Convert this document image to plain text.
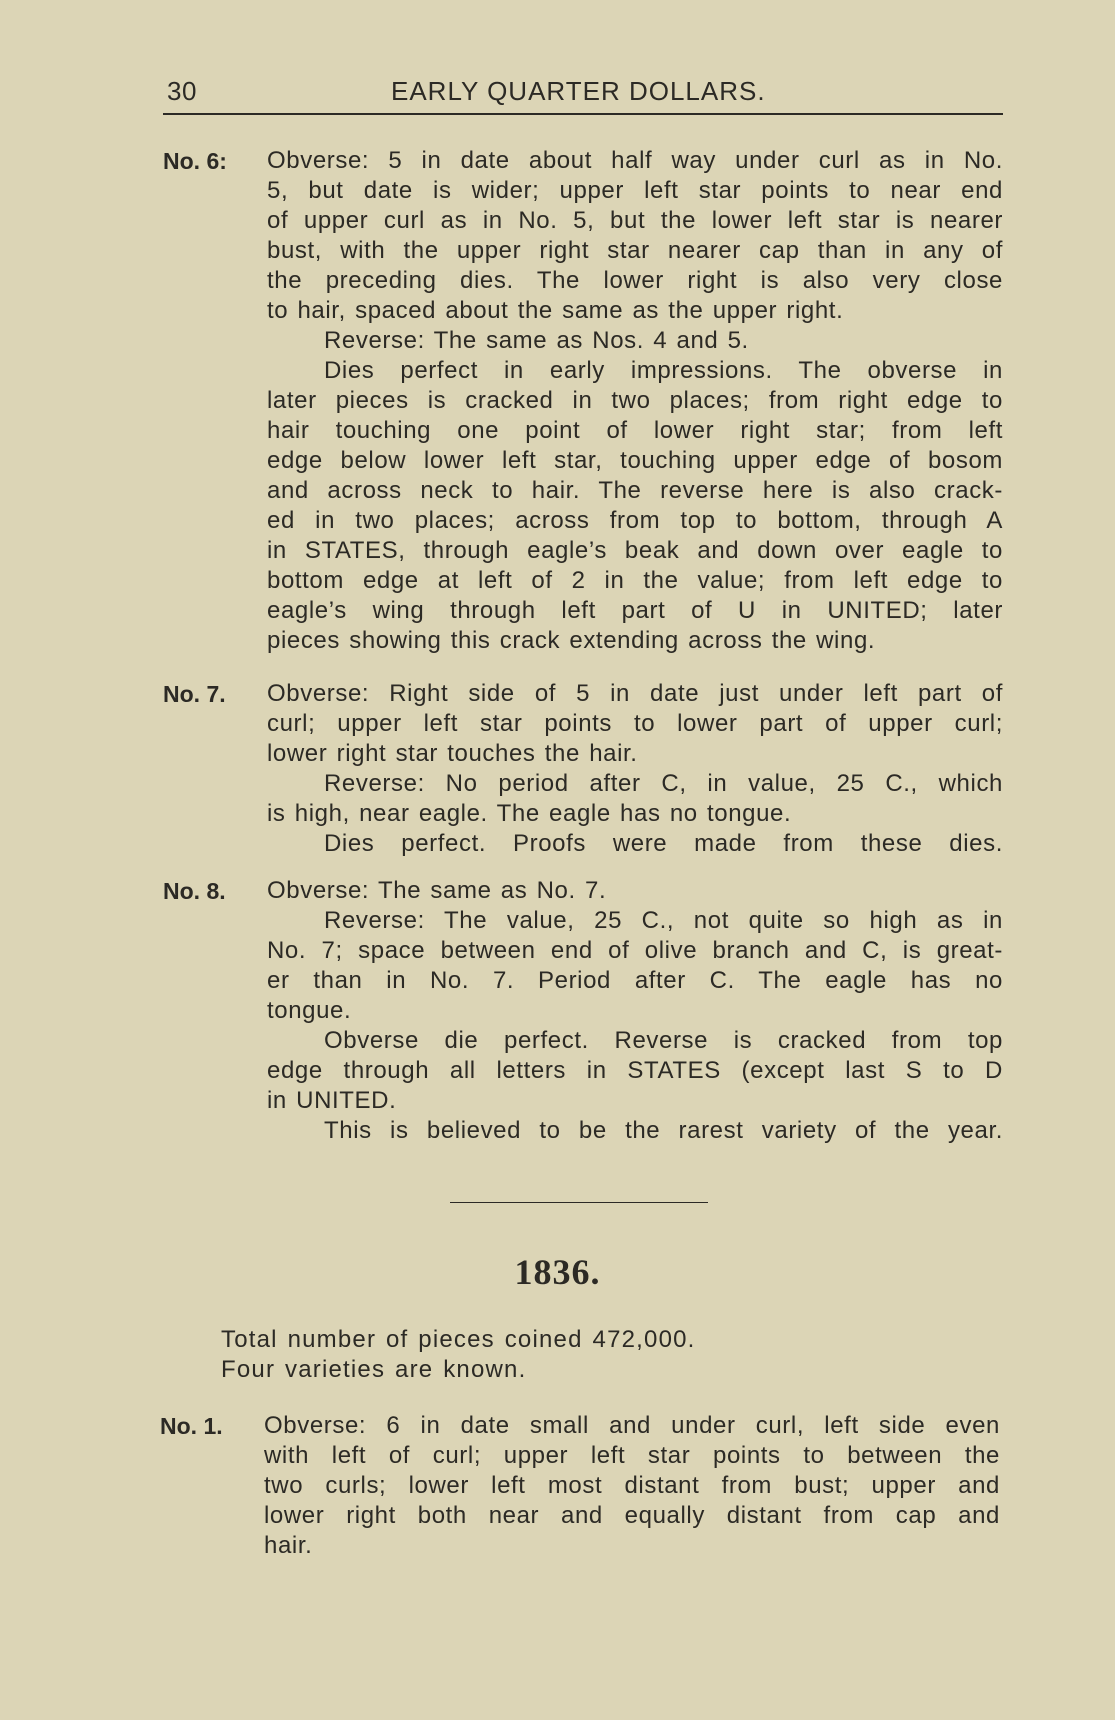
30	EARLY QUARTER DOLLARS.
No. 6: Obverse: 5 in date about half way under curl as in No.
5, but date is wider; upper left star points to near end
of upper curl as in No. 5, but the lower left star is nearer
bust, with the upper right star nearer cap than in any of
the preceding dies. The lower right is also very close
to hair, spaced about the same as the upper right.
Reverse: The same as Nos. 4 and 5.
Dies perfect in early impressions. The obverse in
later pieces is cracked in two places; from right edge to
hair touching one point of lower right star; from left
edge below lower left star, touching upper edge of bosom
and across neck to hair. The reverse here is also crack-
ed in two places; across from top to bottom, through A
in STATES, through eagle’s beak and down over eagle to
bottom edge at left of 2 in the value; from left edge to
eagle’s wing through left part of U in UNITED; later
pieces showing this crack extending across the wing.
No. 7. Obverse: Right side of 5 in date just under left part of
curl; upper left star points to lower part of upper curl;
lower right star touches the hair.
Reverse: No period after C, in value, 25 C., which
is high, near eagle. The eagle has no tongue.
Dies perfect. Proofs were made from these dies.
No. 8. Obverse: The same as No. 7.
Reverse: The value, 25 C., not quite so high as in
No. 7; space between end of olive branch and C, is great-
er than in No. 7. Period after C. The eagle has no
tongue.
Obverse die perfect. Reverse is cracked from top
edge through all letters in STATES (except last S to D
in UNITED.
This is believed to be the rarest variety of the year.
1836.
Total number of pieces coined 472,000.
Four varieties are known.
No. 1. Obverse: 6 in date small and under curl, left side even
with left of curl; upper left star points to between the
two curls; lower left most distant from bust; upper and
lower right both near and equally distant from cap and
hair.
